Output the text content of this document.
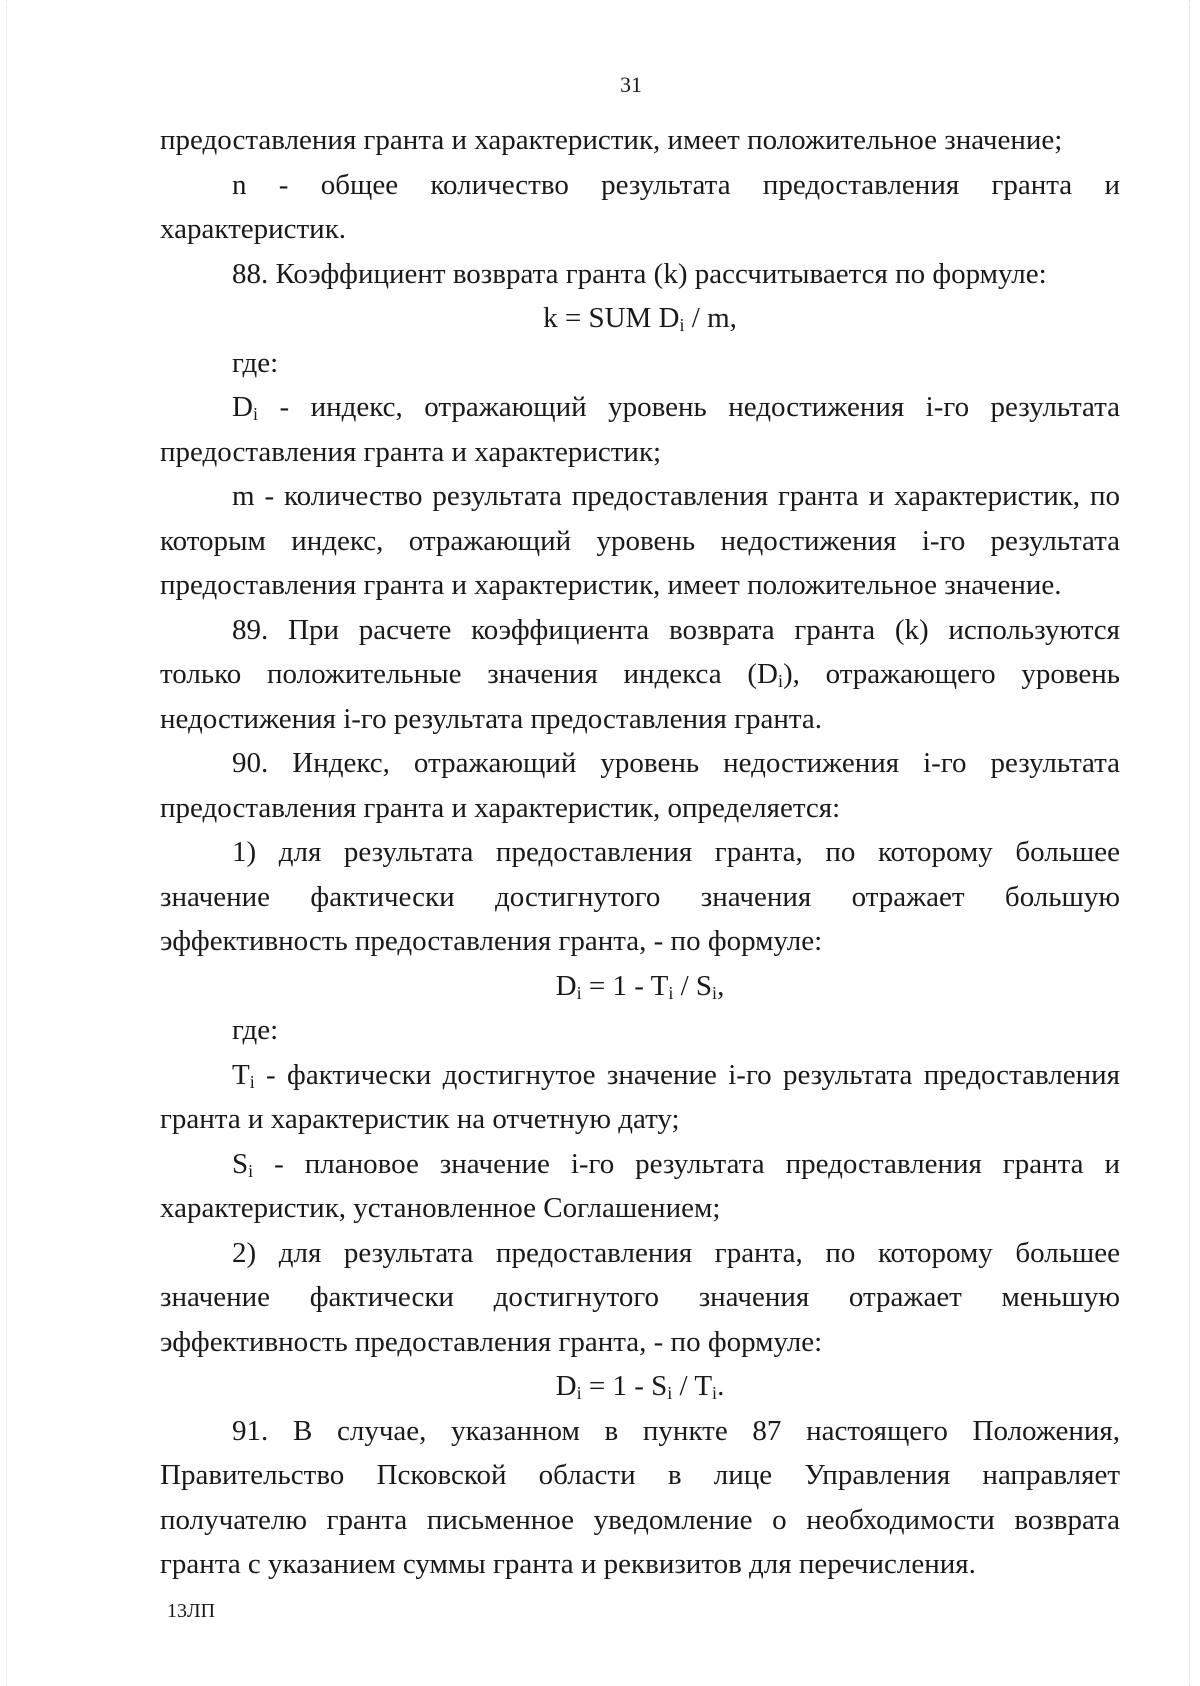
31

предоставления гранта и характеристик, имеет положительное значение;

n - общее количество результата предоставления гранта и характеристик.

88. Коэффициент возврата гранта (k) рассчитывается по формуле:

k = SUM $D_i$ / m,

где:

$D_i$ - индекс, отражающий уровень недостижения i-го результата предоставления гранта и характеристик;

m - количество результата предоставления гранта и характеристик, по которым индекс, отражающий уровень недостижения i-го результата предоставления гранта и характеристик, имеет положительное значение.

89. При расчете коэффициента возврата гранта (k) используются только положительные значения индекса $(D_i)$, отражающего уровень недостижения i-го результата предоставления гранта.

90. Индекс, отражающий уровень недостижения i-го результата предоставления гранта и характеристик, определяется:

1) для результата предоставления гранта, по которому большее значение фактически достигнутого значения отражает большую эффективность предоставления гранта, - по формуле:

$D_i = 1 - T_i / S_i$,

где:

$T_i$ - фактически достигнутое значение i-го результата предоставления гранта и характеристик на отчетную дату;

$S_i$ - плановое значение i-го результата предоставления гранта и характеристик, установленное Соглашением;

2) для результата предоставления гранта, по которому большее значение фактически достигнутого значения отражает меньшую эффективность предоставления гранта, - по формуле:

$D_i = 1 - S_i / T_i$.

91. В случае, указанном в пункте 87 настоящего Положения, Правительство Псковской области в лице Управления направляет получателю гранта письменное уведомление о необходимости возврата гранта с указанием суммы гранта и реквизитов для перечисления.

13ЛП
